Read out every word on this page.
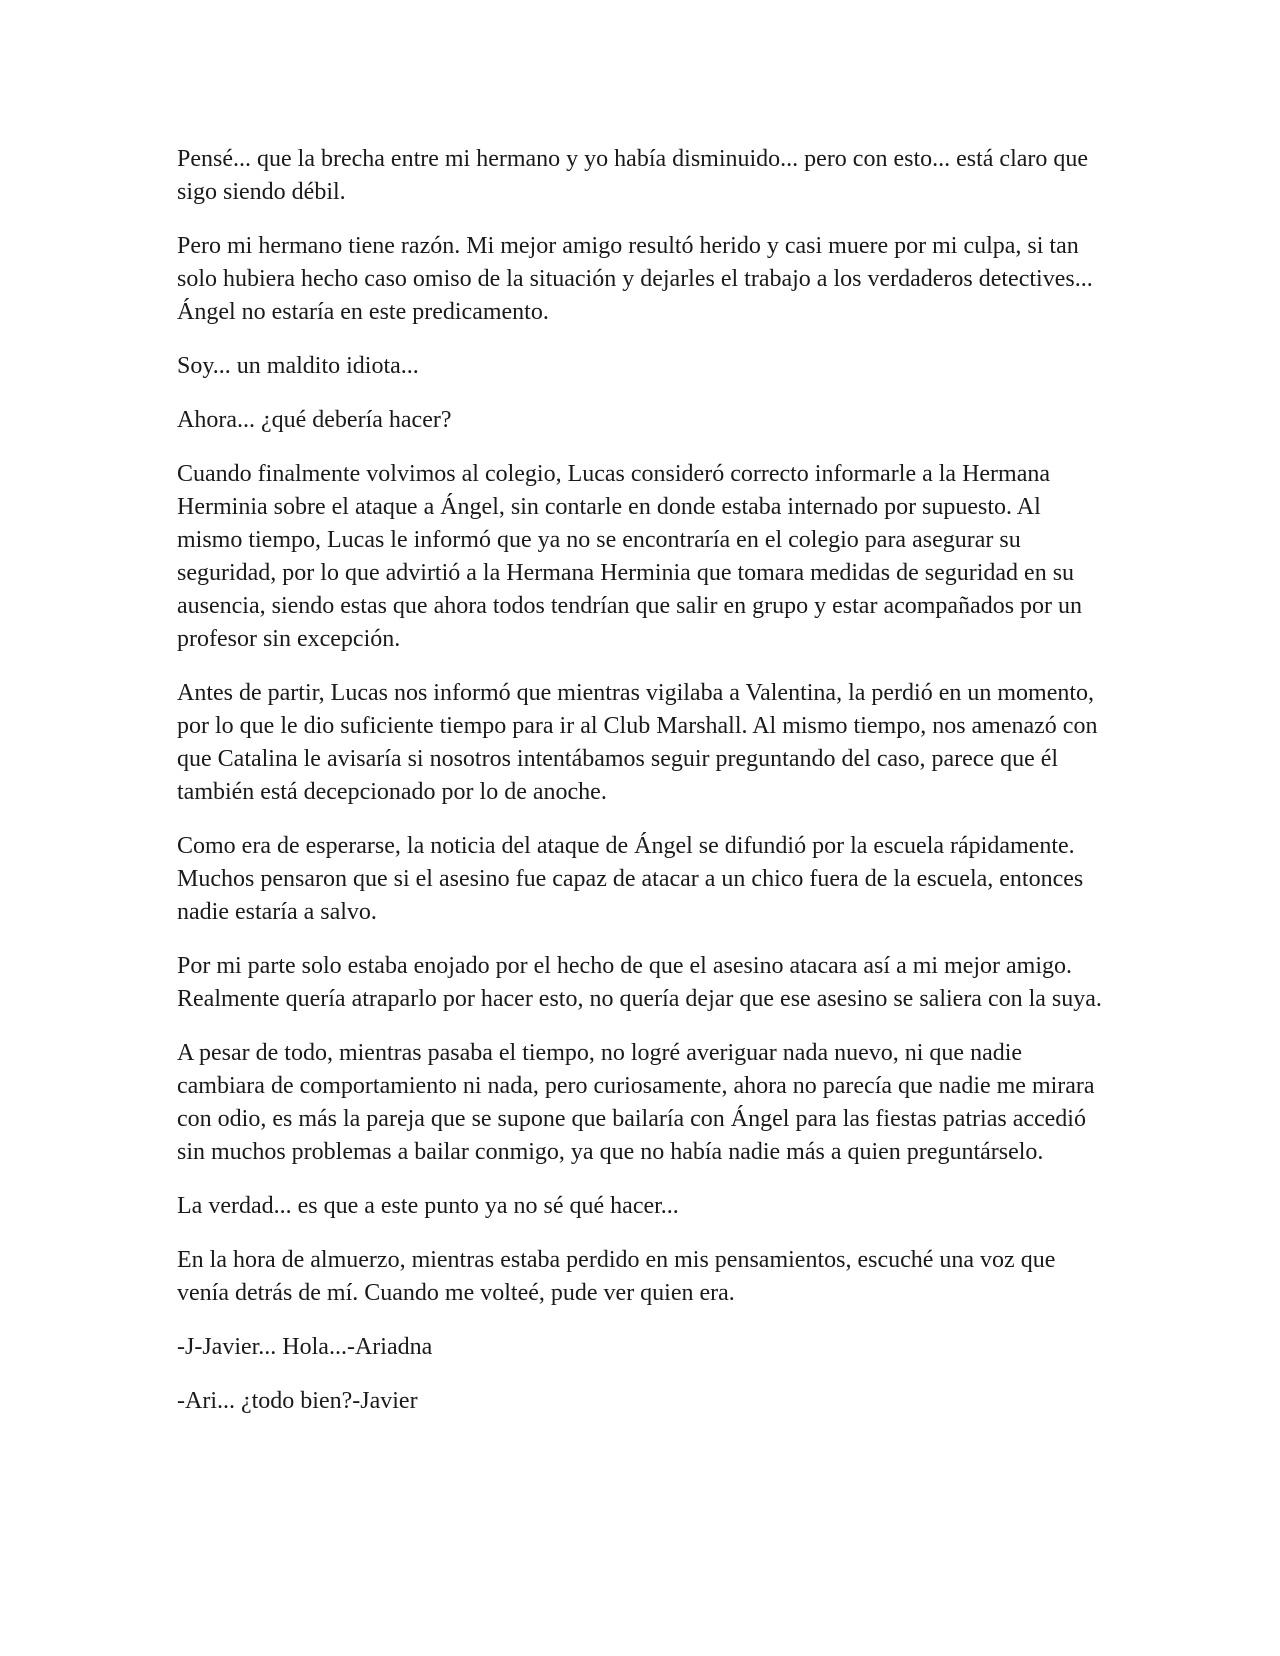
Pensé... que la brecha entre mi hermano y yo había disminuido... pero con esto... está claro que sigo siendo débil.

Pero mi hermano tiene razón. Mi mejor amigo resultó herido y casi muere por mi culpa, si tan solo hubiera hecho caso omiso de la situación y dejarles el trabajo a los verdaderos detectives... Ángel no estaría en este predicamento.

Soy... un maldito idiota...

Ahora... ¿qué debería hacer?

Cuando finalmente volvimos al colegio, Lucas consideró correcto informarle a la Hermana Herminia sobre el ataque a Ángel, sin contarle en donde estaba internado por supuesto. Al mismo tiempo, Lucas le informó que ya no se encontraría en el colegio para asegurar su seguridad, por lo que advirtió a la Hermana Herminia que tomara medidas de seguridad en su ausencia, siendo estas que ahora todos tendrían que salir en grupo y estar acompañados por un profesor sin excepción.

Antes de partir, Lucas nos informó que mientras vigilaba a Valentina, la perdió en un momento, por lo que le dio suficiente tiempo para ir al Club Marshall. Al mismo tiempo, nos amenazó con que Catalina le avisaría si nosotros intentábamos seguir preguntando del caso, parece que él también está decepcionado por lo de anoche.

Como era de esperarse, la noticia del ataque de Ángel se difundió por la escuela rápidamente. Muchos pensaron que si el asesino fue capaz de atacar a un chico fuera de la escuela, entonces nadie estaría a salvo.

Por mi parte solo estaba enojado por el hecho de que el asesino atacara así a mi mejor amigo. Realmente quería atraparlo por hacer esto, no quería dejar que ese asesino se saliera con la suya.

A pesar de todo, mientras pasaba el tiempo, no logré averiguar nada nuevo, ni que nadie cambiara de comportamiento ni nada, pero curiosamente, ahora no parecía que nadie me mirara con odio, es más la pareja que se supone que bailaría con Ángel para las fiestas patrias accedió sin muchos problemas a bailar conmigo, ya que no había nadie más a quien preguntárselo.

La verdad... es que a este punto ya no sé qué hacer...

En la hora de almuerzo, mientras estaba perdido en mis pensamientos, escuché una voz que venía detrás de mí. Cuando me volteé, pude ver quien era.

-J-Javier... Hola...-Ariadna

-Ari... ¿todo bien?-Javier
